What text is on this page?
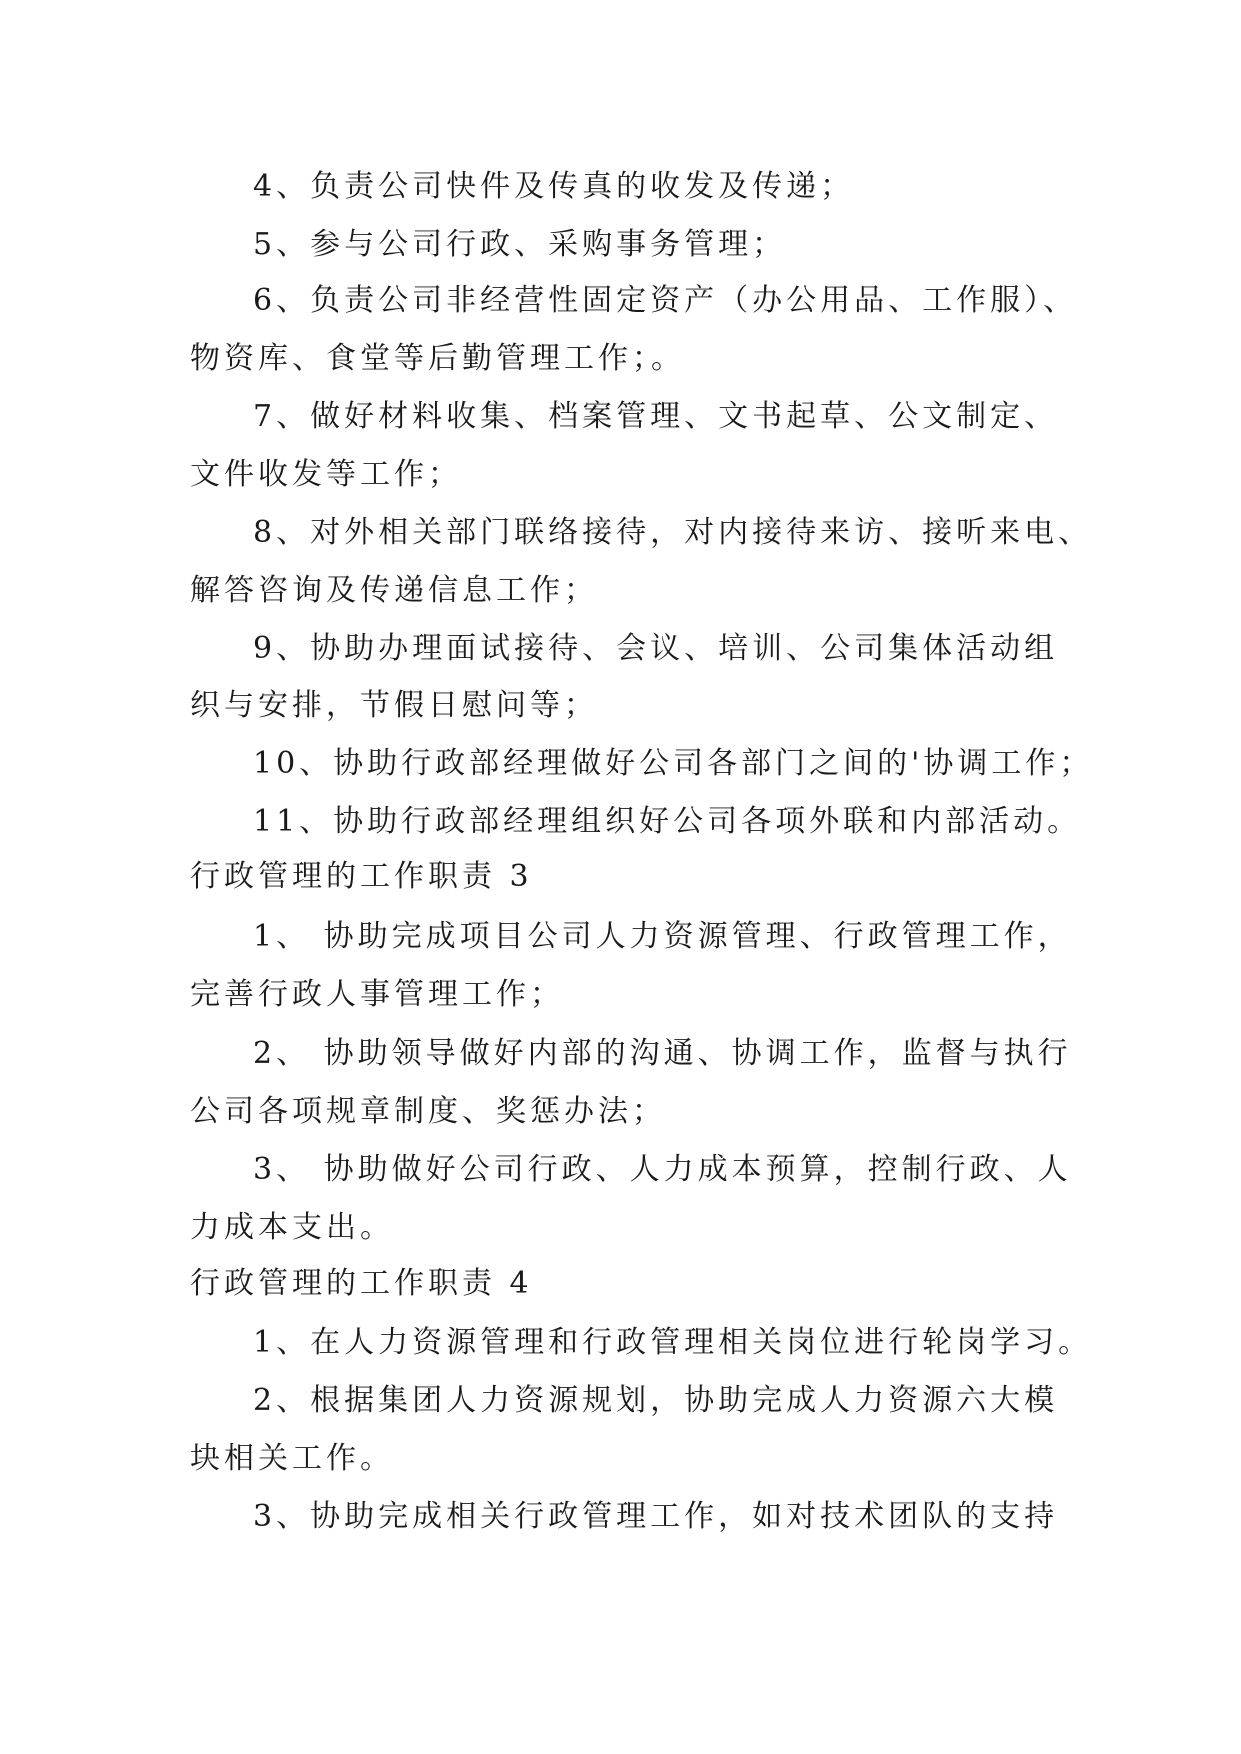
4、负责公司快件及传真的收发及传递；
5、参与公司行政、采购事务管理；
6、负责公司非经营性固定资产（办公用品、工作服）、
物资库、食堂等后勤管理工作；。
7、做好材料收集、档案管理、文书起草、公文制定、
文件收发等工作；
8、对外相关部门联络接待，对内接待来访、接听来电、
解答咨询及传递信息工作；
9、协助办理面试接待、会议、培训、公司集体活动组
织与安排，节假日慰问等；
10、协助行政部经理做好公司各部门之间的'协调工作；
11、协助行政部经理组织好公司各项外联和内部活动。
行政管理的工作职责 3
1、 协助完成项目公司人力资源管理、行政管理工作，
完善行政人事管理工作；
2、 协助领导做好内部的沟通、协调工作，监督与执行
公司各项规章制度、奖惩办法；
3、 协助做好公司行政、人力成本预算，控制行政、人
力成本支出。
行政管理的工作职责 4
1、在人力资源管理和行政管理相关岗位进行轮岗学习。
2、根据集团人力资源规划，协助完成人力资源六大模
块相关工作。
3、协助完成相关行政管理工作，如对技术团队的支持
